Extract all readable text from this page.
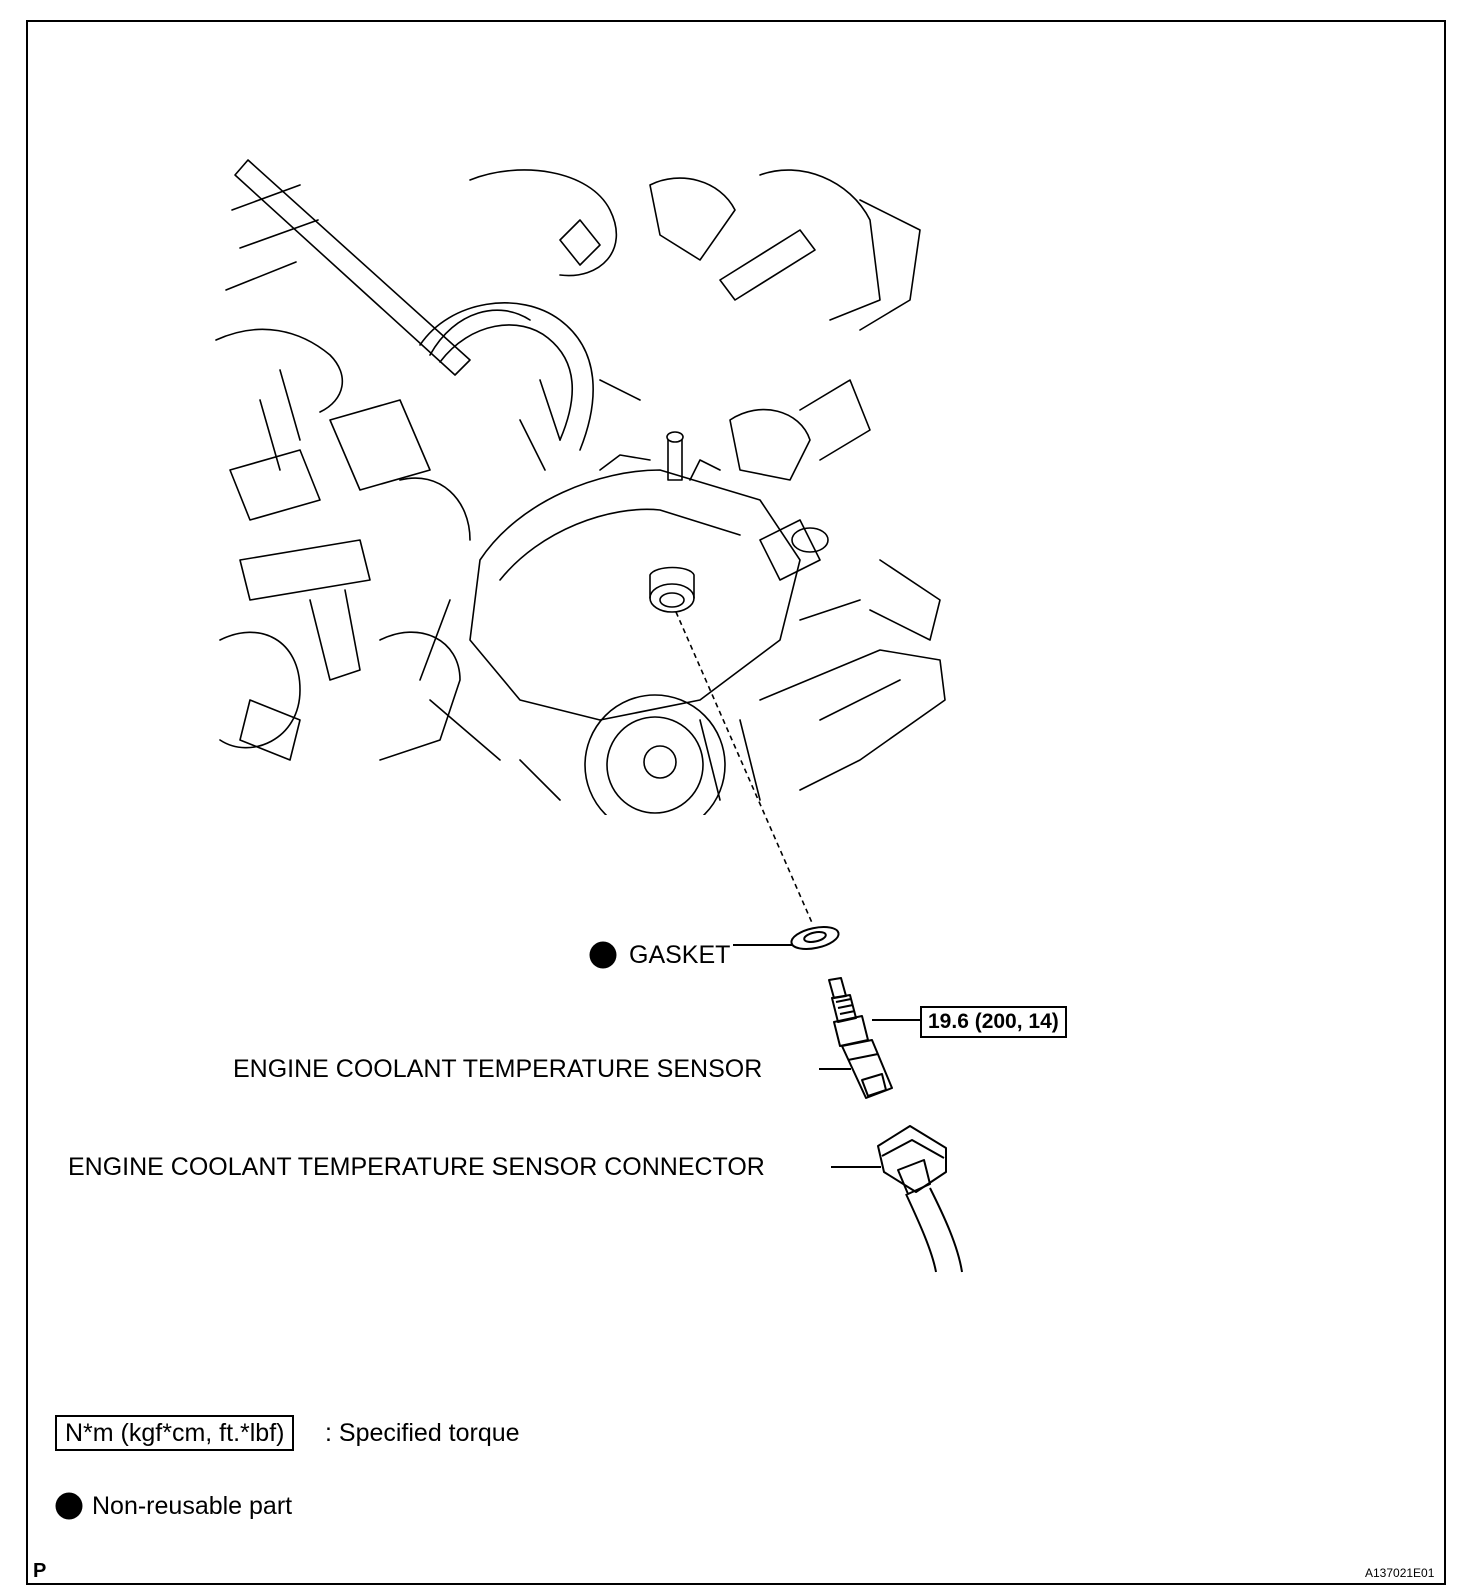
GASKET
ENGINE COOLANT TEMPERATURE SENSOR
ENGINE COOLANT TEMPERATURE SENSOR CONNECTOR
19.6 (200, 14)
N*m (kgf*cm, ft.*lbf)	: Specified torque
Non-reusable part
P	A137021E01
